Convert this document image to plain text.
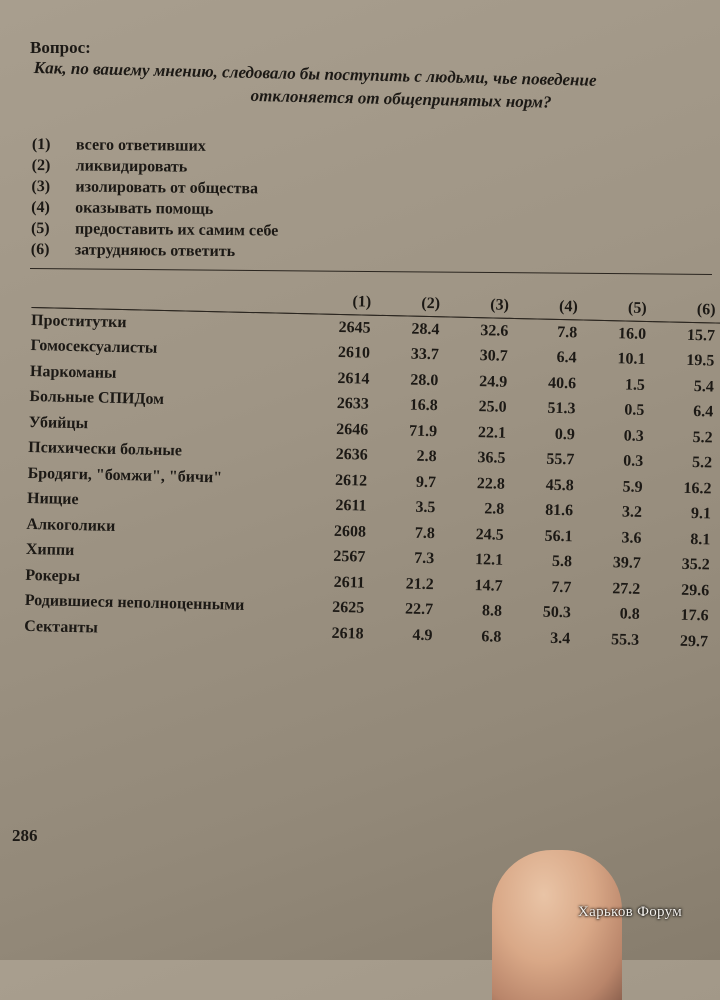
Вопрос:
Как, по вашему мнению, следовало бы поступить с людьми, чье поведение
отклоняется от общепринятых норм?
(1)	всего ответивших
(2)	ликвидировать
(3)	изолировать от общества
(4)	оказывать помощь
(5)	предоставить их самим себе
(6)	затрудняюсь ответить
	(1)	(2)	(3)	(4)	(5)	(6)
Проститутки	2645	28.4	32.6	7.8	16.0	15.7
Гомосексуалисты	2610	33.7	30.7	6.4	10.1	19.5
Наркоманы	2614	28.0	24.9	40.6	1.5	5.4
Больные СПИДом	2633	16.8	25.0	51.3	0.5	6.4
Убийцы	2646	71.9	22.1	0.9	0.3	5.2
Психически больные	2636	2.8	36.5	55.7	0.3	5.2
Бродяги, "бомжи", "бичи"	2612	9.7	22.8	45.8	5.9	16.2
Нищие	2611	3.5	2.8	81.6	3.2	9.1
Алкоголики	2608	7.8	24.5	56.1	3.6	8.1
Хиппи	2567	7.3	12.1	5.8	39.7	35.2
Рокеры	2611	21.2	14.7	7.7	27.2	29.6
Родившиеся неполноценными	2625	22.7	8.8	50.3	0.8	17.6
Сектанты	2618	4.9	6.8	3.4	55.3	29.7
286
Харьков Форум
